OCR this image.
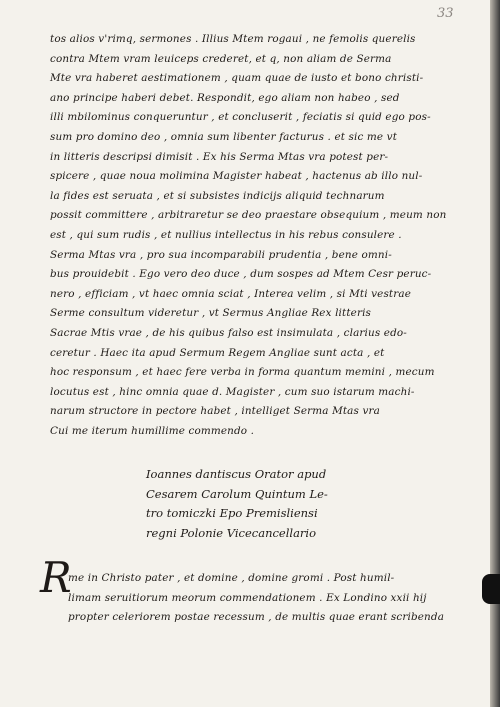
33
tos alios v'rimq, sermones . Illius Mtem rogaui , ne femolis querelis
contra Mtem vram leuiceps crederet, et q, non aliam de Serma
Mte vra haberet aestimationem , quam quae de iusto et bono christi-
ano principe haberi debet. Respondit, ego aliam non habeo , sed
illi mbilominus conqueruntur , et concluserit , feciatis si quid ego pos-
sum pro domino deo , omnia sum libenter facturus . et sic me vt
in litteris descripsi dimisit . Ex his Serma Mtas vra potest per-
spicere , quae noua molimina Magister habeat , hactenus ab illo nul-
la fides est seruata , et si subsistes indicijs aliquid technarum
possit committere , arbitraretur se deo praestare obsequium , meum non
est , qui sum rudis , et nullius intellectus in his rebus consulere .
Serma Mtas vra , pro sua incomparabili prudentia , bene omni-
bus prouidebit . Ego vero deo duce , dum sospes ad Mtem Cesr peruc-
nero , efficiam , vt haec omnia sciat , Interea velim , si Mti vestrae
Serme consultum videretur , vt Sermus Angliae Rex litteris
Sacrae Mtis vrae , de his quibus falso est insimulata , clarius edo-
ceretur . Haec ita apud Sermum Regem Angliae sunt acta , et
hoc responsum , et haec fere verba in forma quantum memini , mecum
locutus est , hinc omnia quae d. Magister , cum suo istarum machi-
narum structore in pectore habet , intelliget Serma Mtas vra
Cui me iterum humillime commendo .
Ioannes dantiscus Orator apud
Cesarem Carolum Quintum Le-
tro tomiczki Epo Premisliensi
regni Polonie Vicecancellario
R
me in Christo pater , et domine , domine gromi . Post humil-
limam seruitiorum meorum commendationem . Ex Londino xxii hij
propter celeriorem postae recessum , de multis quae erant scribenda
